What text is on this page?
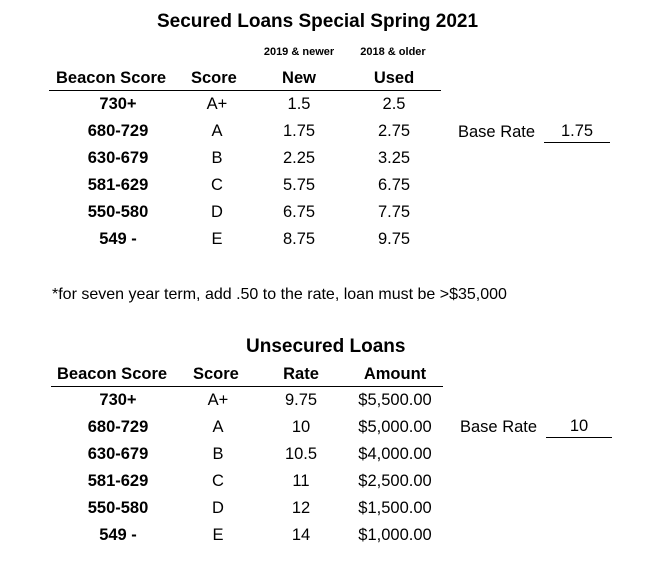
Secured Loans Special Spring 2021
2019 & newer	2018 & older
Beacon Score Score	New	Used
730+	A+	1.5	2.5
680-729	A	1.75	2.75
630-679	B	2.25	3.25
581-629	C	5.75	6.75
550-580	D	6.75	7.75
549 -	E	8.75	9.75
Base Rate	1.75
*for seven year term, add .50 to the rate, loan must be >$35,000
Unsecured Loans
Beacon Score Score	Rate	Amount
730+	A+	9.75	$5,500.00
680-729	A	10	$5,000.00
630-679	B	10.5	$4,000.00
581-629	C	11	$2,500.00
550-580	D	12	$1,500.00
549 -	E	14	$1,000.00
Base Rate	10
